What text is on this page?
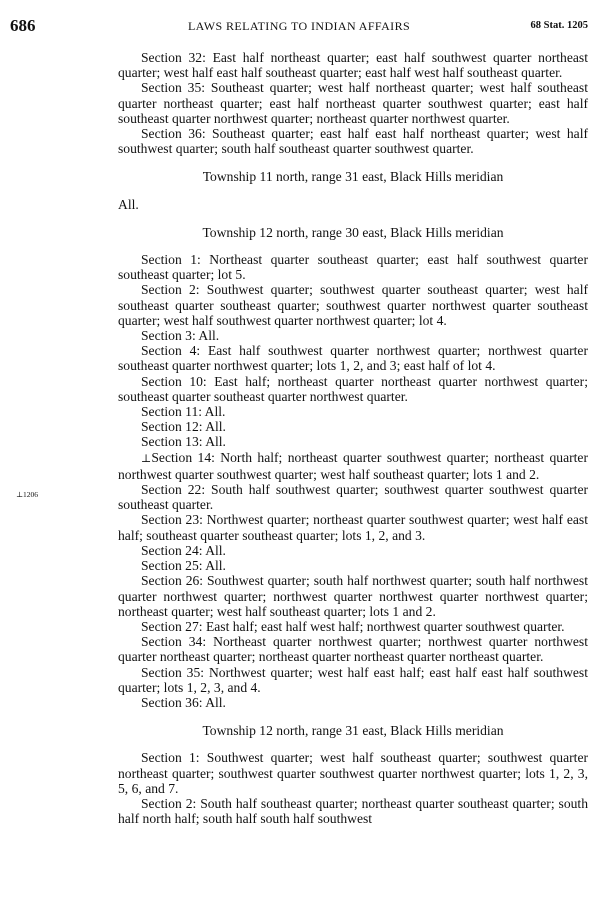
686	LAWS RELATING TO INDIAN AFFAIRS	68 Stat. 1205
⊥1206

Section 32: East half northeast quarter; east half southwest quarter northeast quarter; west half east half southeast quarter; east half west half southeast quarter.

Section 35: Southeast quarter; west half northeast quarter; west half southeast quarter northeast quarter; east half northeast quarter southwest quarter; east half southeast quarter northwest quarter; northeast quarter northwest quarter.

Section 36: Southeast quarter; east half east half northeast quarter; west half southwest quarter; south half southeast quarter southwest quarter.

Township 11 north, range 31 east, Black Hills meridian

All.

Township 12 north, range 30 east, Black Hills meridian

Section 1: Northeast quarter southeast quarter; east half southwest quarter southeast quarter; lot 5.

Section 2: Southwest quarter; southwest quarter southeast quarter; west half southeast quarter southeast quarter; southwest quarter northwest quarter southeast quarter; west half southwest quarter northwest quarter; lot 4.

Section 3: All.

Section 4: East half southwest quarter northwest quarter; northwest quarter southeast quarter northwest quarter; lots 1, 2, and 3; east half of lot 4.

Section 10: East half; northeast quarter northeast quarter northwest quarter; southeast quarter southeast quarter northwest quarter.

Section 11: All.

Section 12: All.

Section 13: All.

⊥Section 14: North half; northeast quarter southwest quarter; northeast quarter northwest quarter southwest quarter; west half southeast quarter; lots 1 and 2.

Section 22: South half southwest quarter; southwest quarter southwest quarter southeast quarter.

Section 23: Northwest quarter; northeast quarter southwest quarter; west half east half; southeast quarter southeast quarter; lots 1, 2, and 3.

Section 24: All.

Section 25: All.

Section 26: Southwest quarter; south half northwest quarter; south half northwest quarter northwest quarter; northwest quarter northwest quarter northwest quarter; northeast quarter; west half southeast quarter; lots 1 and 2.

Section 27: East half; east half west half; northwest quarter southwest quarter.

Section 34: Northeast quarter northwest quarter; northwest quarter northwest quarter northeast quarter; northeast quarter northeast quarter northeast quarter.

Section 35: Northwest quarter; west half east half; east half east half southwest quarter; lots 1, 2, 3, and 4.

Section 36: All.

Township 12 north, range 31 east, Black Hills meridian

Section 1: Southwest quarter; west half southeast quarter; southwest quarter northeast quarter; southwest quarter southwest quarter northwest quarter; lots 1, 2, 3, 5, 6, and 7.

Section 2: South half southeast quarter; northeast quarter southeast quarter; south half north half; south half south half southwest
